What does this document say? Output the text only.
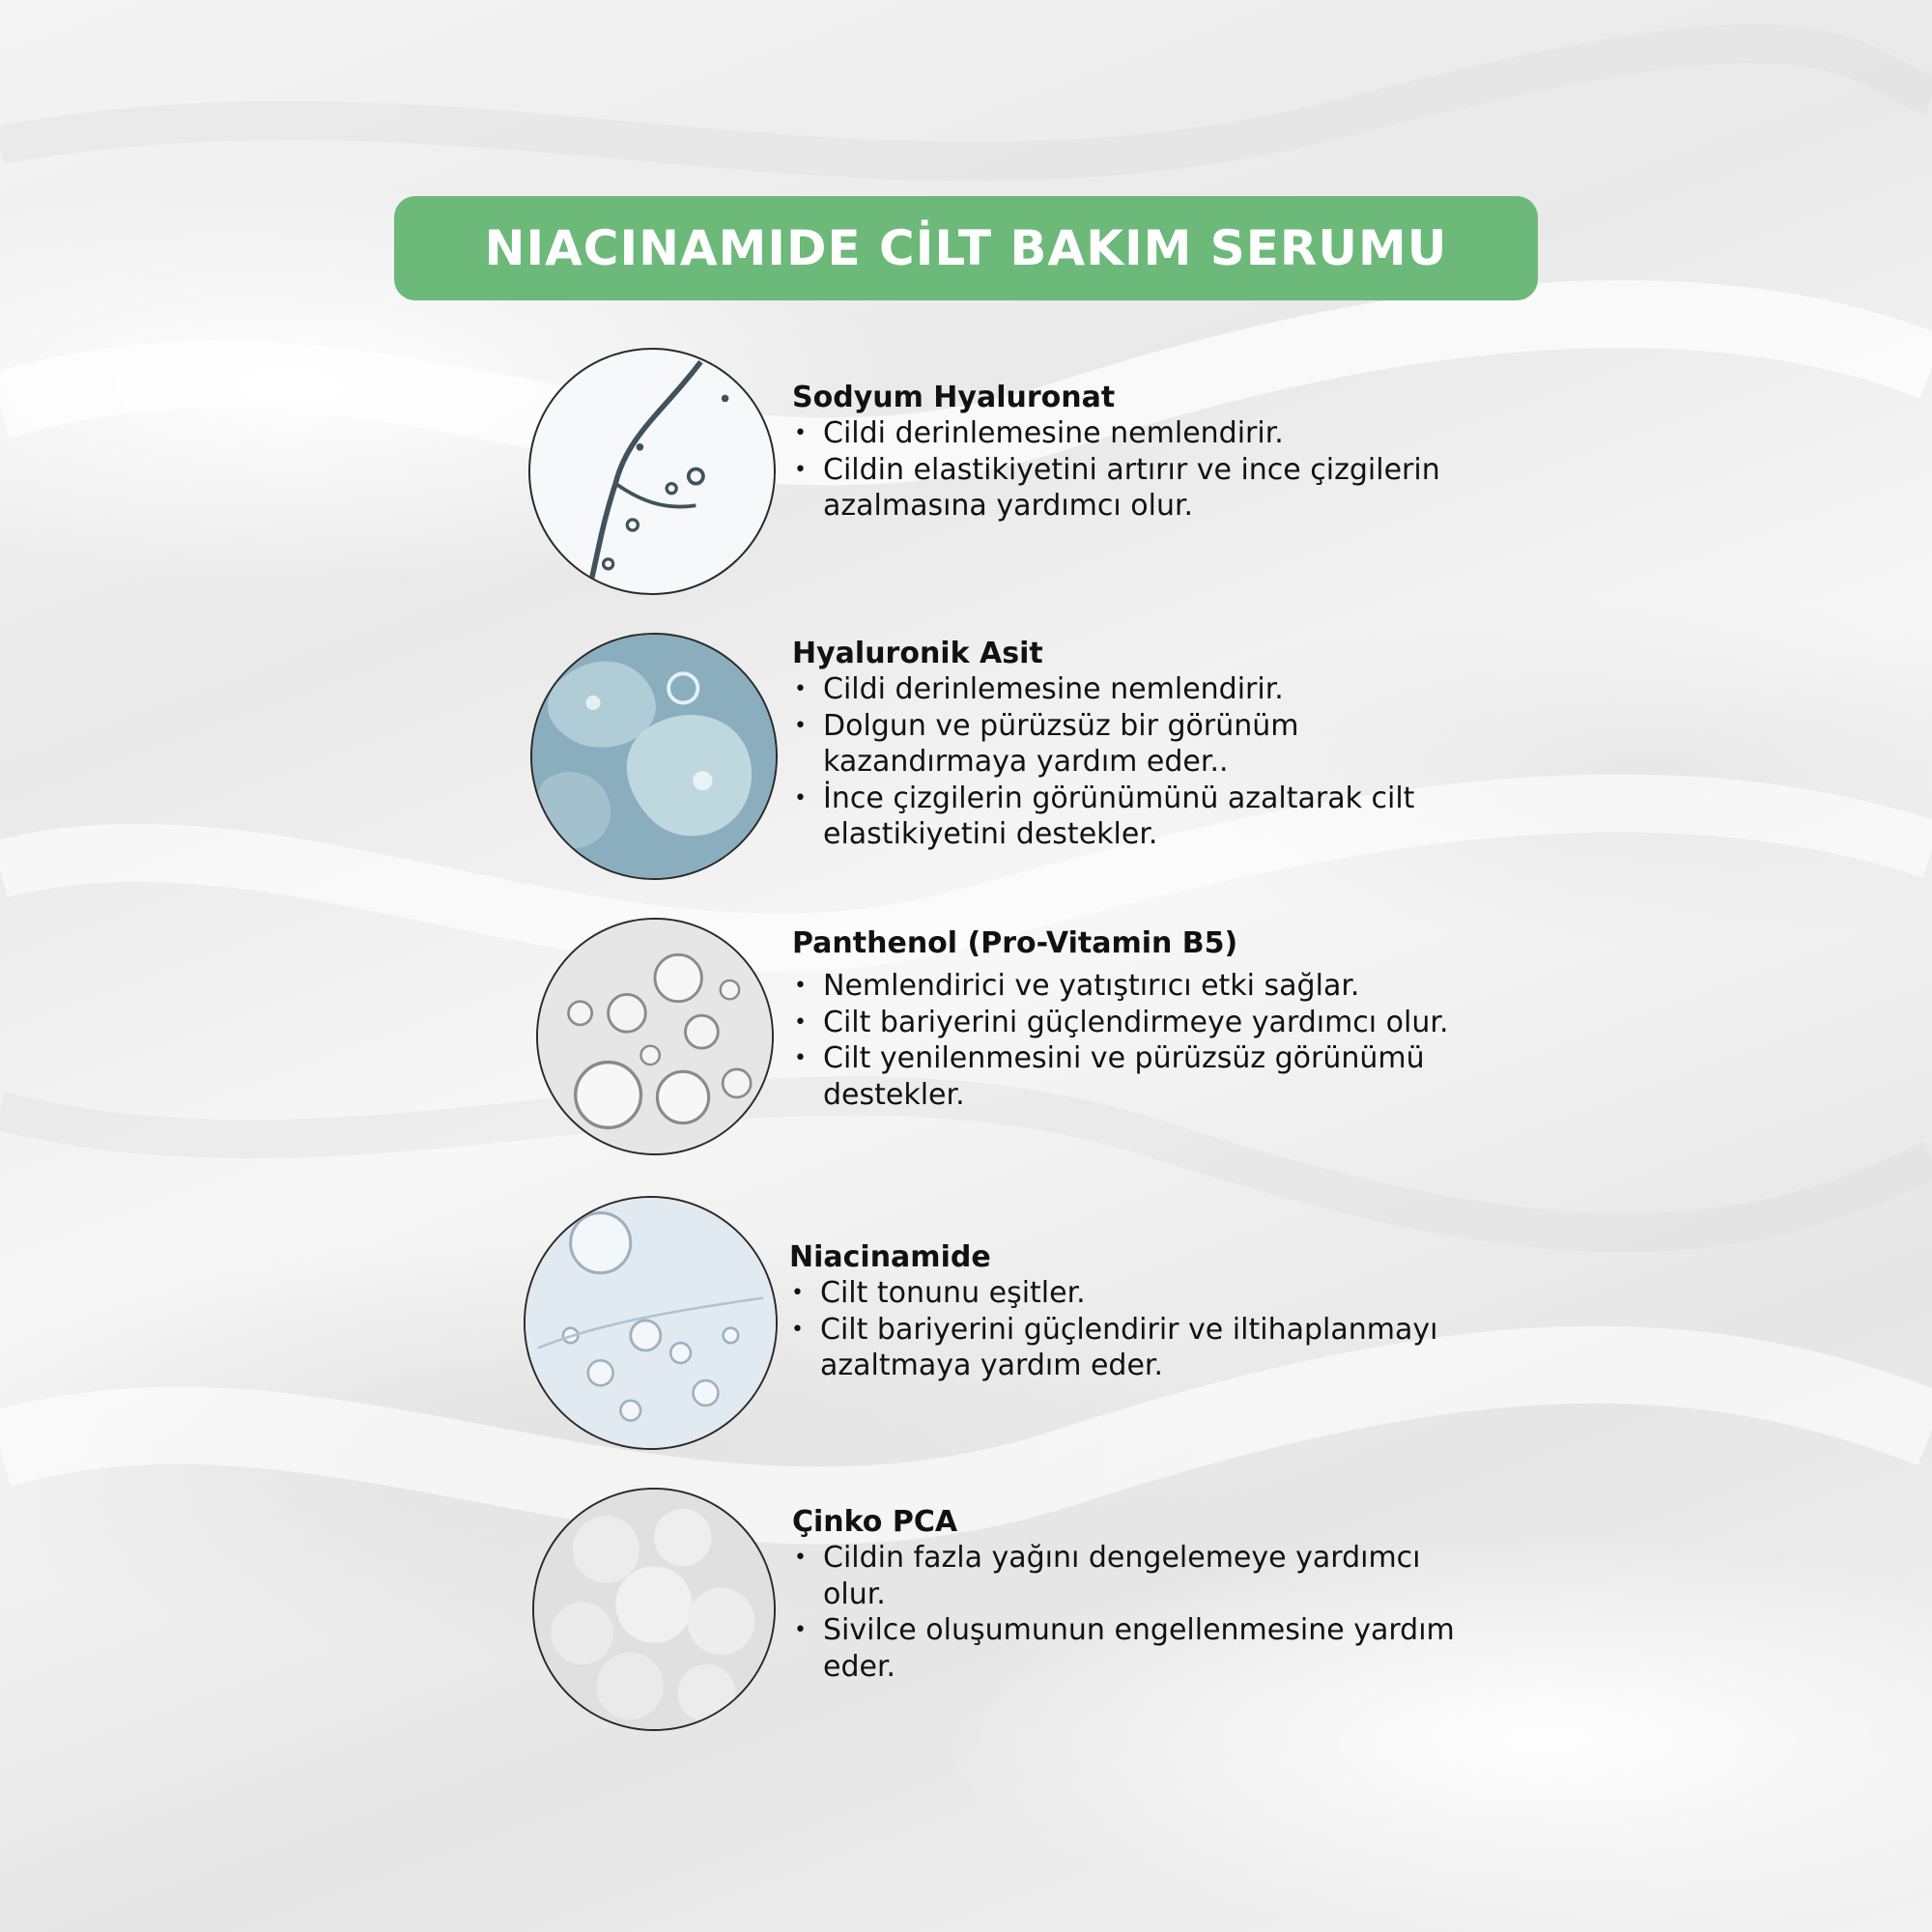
NIACINAMIDE CİLT BAKIM SERUMU

Sodyum Hyaluronat

• Cildi derinlemesine nemlendirir.
• Cildin elastikiyetini artırır ve ince çizgilerin azalmasına yardımcı olur.

Hyaluronik Asit

• Cildi derinlemesine nemlendirir.
• Dolgun ve pürüzsüz bir görünüm kazandırmaya yardım eder..
• İnce çizgilerin görünümünü azaltarak cilt elastikiyetini destekler.

Panthenol (Pro-Vitamin B5)

• Nemlendirici ve yatıştırıcı etki sağlar.
• Cilt bariyerini güçlendirmeye yardımcı olur.
• Cilt yenilenmesini ve pürüzsüz görünümü destekler.

Niacinamide

• Cilt tonunu eşitler.
• Cilt bariyerini güçlendirir ve iltihaplanmayı azaltmaya yardım eder.

Çinko PCA

• Cildin fazla yağını dengelemeye yardımcı olur.
• Sivilce oluşumunun engellenmesine yardım eder.
